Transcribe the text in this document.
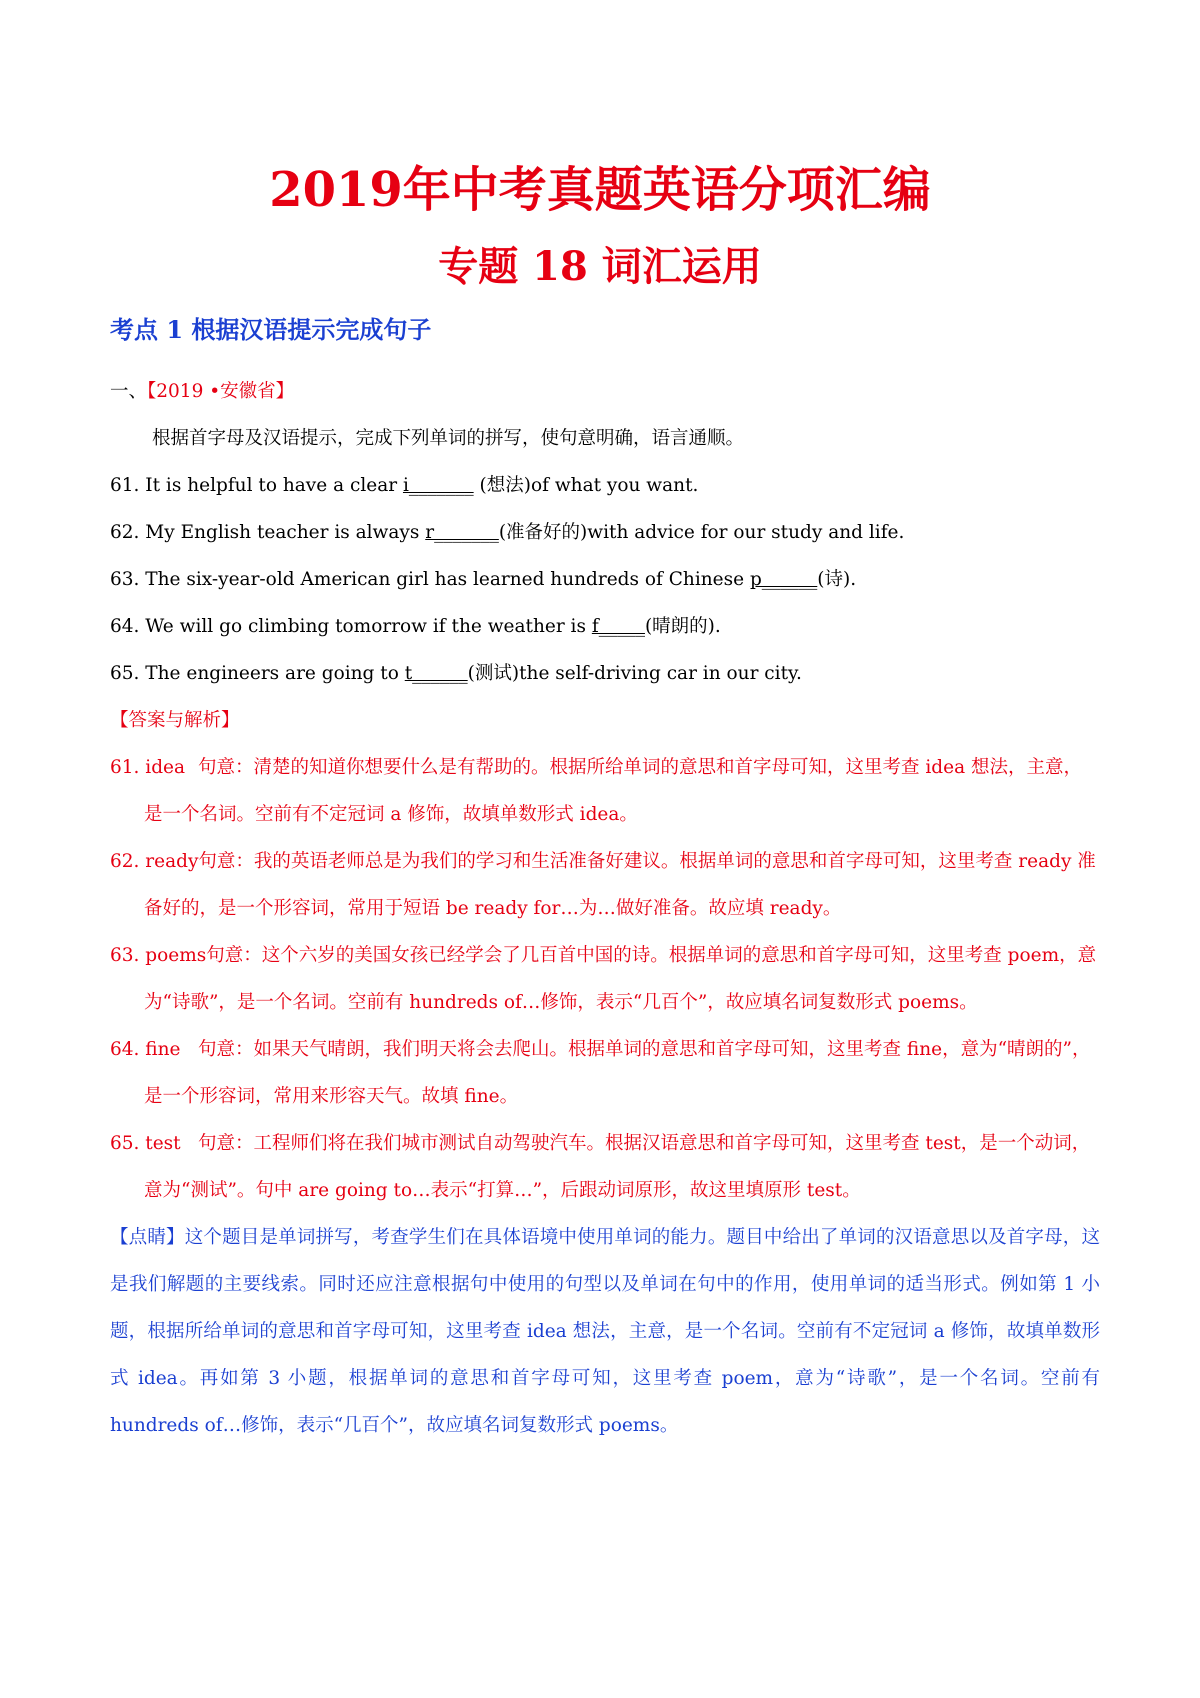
2019年中考真题英语分项汇编
专题 18 词汇运用
考点 1 根据汉语提示完成句子

一、【2019 •安徽省】

根据首字母及汉语提示，完成下列单词的拼写，使句意明确，语言通顺。

61. It is helpful to have a clear i_______ (想法)of what you want.

62. My English teacher is always r_______(准备好的)with advice for our study and life.

63. The six-year-old American girl has learned hundreds of Chinese p______(诗).

64. We will go climbing tomorrow if the weather is f_____(晴朗的).

65. The engineers are going to t______(测试)the self-driving car in our city.

【答案与解析】

61. idea 句意：清楚的知道你想要什么是有帮助的。根据所给单词的意思和首字母可知，这里考查 idea 想法，主意，是一个名词。空前有不定冠词 a 修饰，故填单数形式 idea。

62. ready句意：我的英语老师总是为我们的学习和生活准备好建议。根据单词的意思和首字母可知，这里考查 ready 准备好的，是一个形容词，常用于短语 be ready for…为…做好准备。故应填 ready。

63. poems句意：这个六岁的美国女孩已经学会了几百首中国的诗。根据单词的意思和首字母可知，这里考查 poem，意为“诗歌”，是一个名词。空前有 hundreds of…修饰，表示“几百个”，故应填名词复数形式 poems。

64. fine 句意：如果天气晴朗，我们明天将会去爬山。根据单词的意思和首字母可知，这里考查 fine，意为“晴朗的”，是一个形容词，常用来形容天气。故填 fine。

65. test 句意：工程师们将在我们城市测试自动驾驶汽车。根据汉语意思和首字母可知，这里考查 test，是一个动词，意为“测试”。句中 are going to…表示“打算…”，后跟动词原形，故这里填原形 test。

【点睛】这个题目是单词拼写，考查学生们在具体语境中使用单词的能力。题目中给出了单词的汉语意思以及首字母，这是我们解题的主要线索。同时还应注意根据句中使用的句型以及单词在句中的作用，使用单词的适当形式。例如第 1 小题，根据所给单词的意思和首字母可知，这里考查 idea 想法，主意，是一个名词。空前有不定冠词 a 修饰，故填单数形式 idea。再如第 3 小题，根据单词的意思和首字母可知，这里考查 poem，意为“诗歌”，是一个名词。空前有 hundreds of…修饰，表示“几百个”，故应填名词复数形式 poems。
